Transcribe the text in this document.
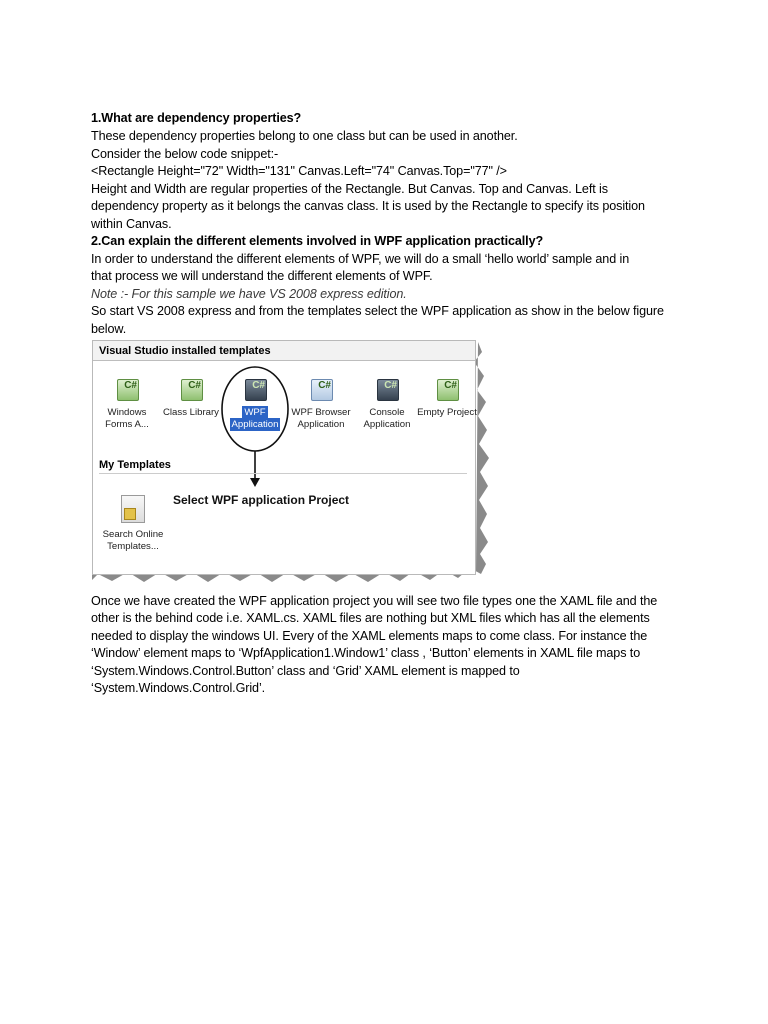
1.What are dependency properties?
These dependency properties belong to one class but can be used in another.
Consider the below code snippet:-
<Rectangle Height="72" Width="131" Canvas.Left="74" Canvas.Top="77" />
Height and Width are regular properties of the Rectangle. But Canvas. Top and Canvas. Left is
dependency property as it belongs the canvas class. It is used by the Rectangle to specify its position
within Canvas.
2.Can explain the different elements involved in WPF application practically?
In order to understand the different elements of WPF, we will do a small ‘hello world’ sample and in
that process we will understand the different elements of WPF.
Note :- For this sample we have VS 2008 express edition.
So start VS 2008 express and from the templates select the WPF application as show in the below figure
below.
Visual Studio installed templates
C#
Windows
Forms A...
C#
Class Library
C#
WPF
Application
C#
WPF Browser
Application
C#
Console
Application
C#
Empty Project
My Templates
Select WPF application Project
Search Online
Templates...
Once we have created the WPF application project you will see two file types one the XAML file and the
other is the behind code i.e. XAML.cs. XAML files are nothing but XML files which has all the elements
needed to display the windows UI. Every of the XAML elements maps to come class. For instance the
‘Window’ element maps to ‘WpfApplication1.Window1’ class , ‘Button’ elements in XAML file maps to
‘System.Windows.Control.Button’ class and ‘Grid’ XAML element is mapped to
‘System.Windows.Control.Grid’.
